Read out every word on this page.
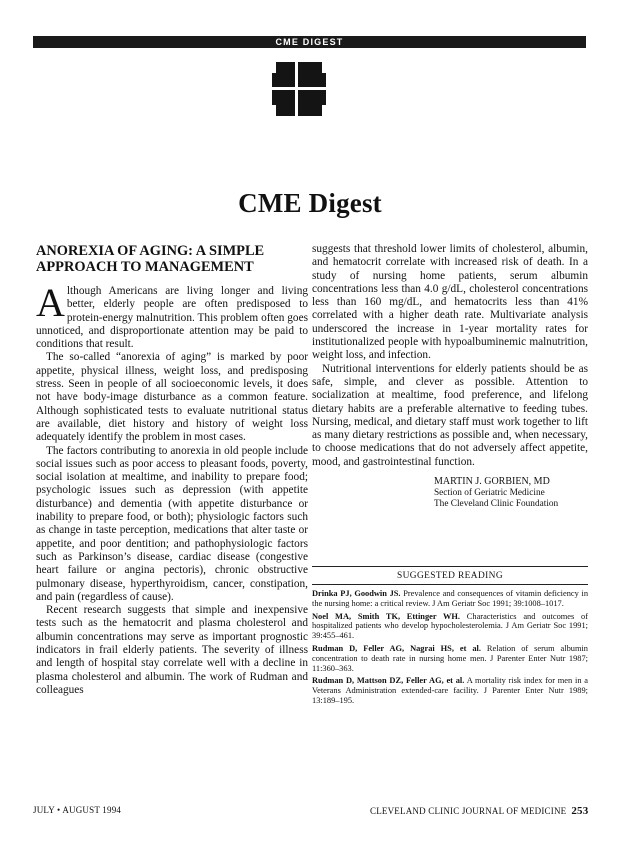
CME DIGEST
CME Digest
ANOREXIA OF AGING: A SIMPLE APPROACH TO MANAGEMENT

Although Americans are living longer and living better, elderly people are often predisposed to protein-energy malnutrition. This problem often goes unnoticed, and disproportionate attention may be paid to conditions that result.

The so-called “anorexia of aging” is marked by poor appetite, physical illness, weight loss, and predisposing stress. Seen in people of all socioeconomic levels, it does not have body-image disturbance as a common feature. Although sophisticated tests to evaluate nutritional status are available, diet history and history of weight loss adequately identify the problem in most cases.

The factors contributing to anorexia in old people include social issues such as poor access to pleasant foods, poverty, social isolation at mealtime, and inability to prepare food; psychologic issues such as depression (with appetite disturbance) and dementia (with appetite disturbance or inability to prepare food, or both); physiologic factors such as change in taste perception, medications that alter taste or appetite, and poor dentition; and pathophysiologic factors such as Parkinson’s disease, cardiac disease (congestive heart failure or angina pectoris), chronic obstructive pulmonary disease, hyperthyroidism, cancer, constipation, and pain (regardless of cause).

Recent research suggests that simple and inexpensive tests such as the hematocrit and plasma cholesterol and albumin concentrations may serve as important prognostic indicators in frail elderly patients. The severity of illness and length of hospital stay correlate well with a decline in plasma cholesterol and albumin. The work of Rudman and colleagues

suggests that threshold lower limits of cholesterol, albumin, and hematocrit correlate with increased risk of death. In a study of nursing home patients, serum albumin concentrations less than 4.0 g/dL, cholesterol concentrations less than 160 mg/dL, and hematocrits less than 41% correlated with a higher death rate. Multivariate analysis underscored the increase in 1-year mortality rates for institutionalized people with hypoalbuminemic malnutrition, weight loss, and infection.

Nutritional interventions for elderly patients should be as safe, simple, and clever as possible. Attention to socialization at mealtime, food preference, and lifelong dietary habits are a preferable alternative to feeding tubes. Nursing, medical, and dietary staff must work together to lift as many dietary restrictions as possible and, when necessary, to choose medications that do not adversely affect appetite, mood, and gastrointestinal function.

MARTIN J. GORBIEN, MD
Section of Geriatric Medicine
The Cleveland Clinic Foundation
SUGGESTED READING

Drinka PJ, Goodwin JS. Prevalence and consequences of vitamin deficiency in the nursing home: a critical review. J Am Geriatr Soc 1991; 39:1008–1017.

Noel MA, Smith TK, Ettinger WH. Characteristics and outcomes of hospitalized patients who develop hypocholesterolemia. J Am Geriatr Soc 1991; 39:455–461.

Rudman D, Feller AG, Nagrai HS, et al. Relation of serum albumin concentration to death rate in nursing home men. J Parenter Enter Nutr 1987; 11:360–363.

Rudman D, Mattson DZ, Feller AG, et al. A mortality risk index for men in a Veterans Administration extended-care facility. J Parenter Enter Nutr 1989; 13:189–195.

JULY • AUGUST 1994	CLEVELAND CLINIC JOURNAL OF MEDICINE 253
